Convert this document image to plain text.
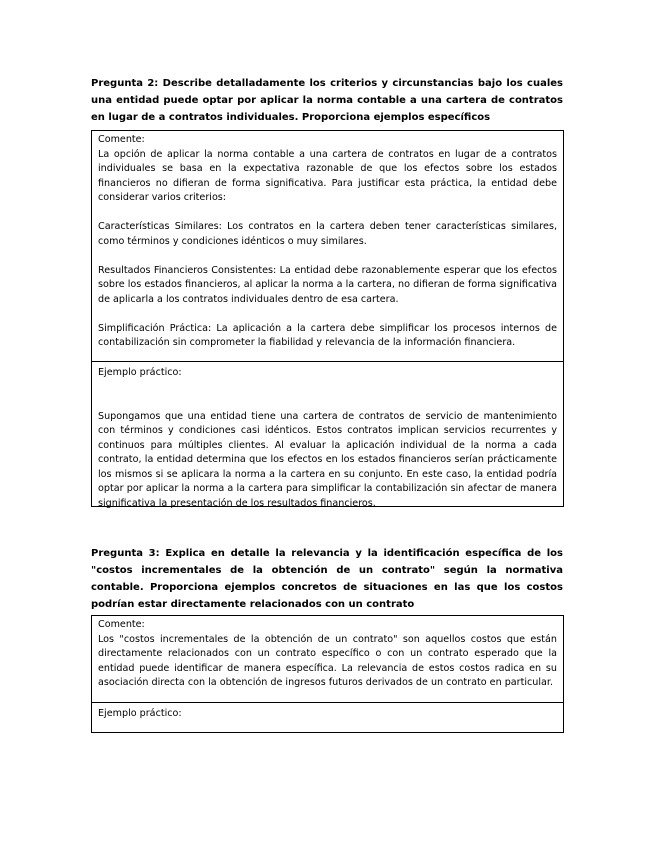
Pregunta 2: Describe detalladamente los criterios y circunstancias bajo los cuales una entidad puede optar por aplicar la norma contable a una cartera de contratos en lugar de a contratos individuales. Proporciona ejemplos específicos

Comente:

La opción de aplicar la norma contable a una cartera de contratos en lugar de a contratos individuales se basa en la expectativa razonable de que los efectos sobre los estados financieros no difieran de forma significativa. Para justificar esta práctica, la entidad debe considerar varios criterios:

Características Similares: Los contratos en la cartera deben tener características similares, como términos y condiciones idénticos o muy similares.

Resultados Financieros Consistentes: La entidad debe razonablemente esperar que los efectos sobre los estados financieros, al aplicar la norma a la cartera, no difieran de forma significativa de aplicarla a los contratos individuales dentro de esa cartera.

Simplificación Práctica: La aplicación a la cartera debe simplificar los procesos internos de contabilización sin comprometer la fiabilidad y relevancia de la información financiera.

Ejemplo práctico:

Supongamos que una entidad tiene una cartera de contratos de servicio de mantenimiento con términos y condiciones casi idénticos. Estos contratos implican servicios recurrentes y continuos para múltiples clientes. Al evaluar la aplicación individual de la norma a cada contrato, la entidad determina que los efectos en los estados financieros serían prácticamente los mismos si se aplicara la norma a la cartera en su conjunto. En este caso, la entidad podría optar por aplicar la norma a la cartera para simplificar la contabilización sin afectar de manera significativa la presentación de los resultados financieros.

Pregunta 3: Explica en detalle la relevancia y la identificación específica de los "costos incrementales de la obtención de un contrato" según la normativa contable. Proporciona ejemplos concretos de situaciones en las que los costos podrían estar directamente relacionados con un contrato

Comente:

Los "costos incrementales de la obtención de un contrato" son aquellos costos que están directamente relacionados con un contrato específico o con un contrato esperado que la entidad puede identificar de manera específica. La relevancia de estos costos radica en su asociación directa con la obtención de ingresos futuros derivados de un contrato en particular.

Ejemplo práctico:
